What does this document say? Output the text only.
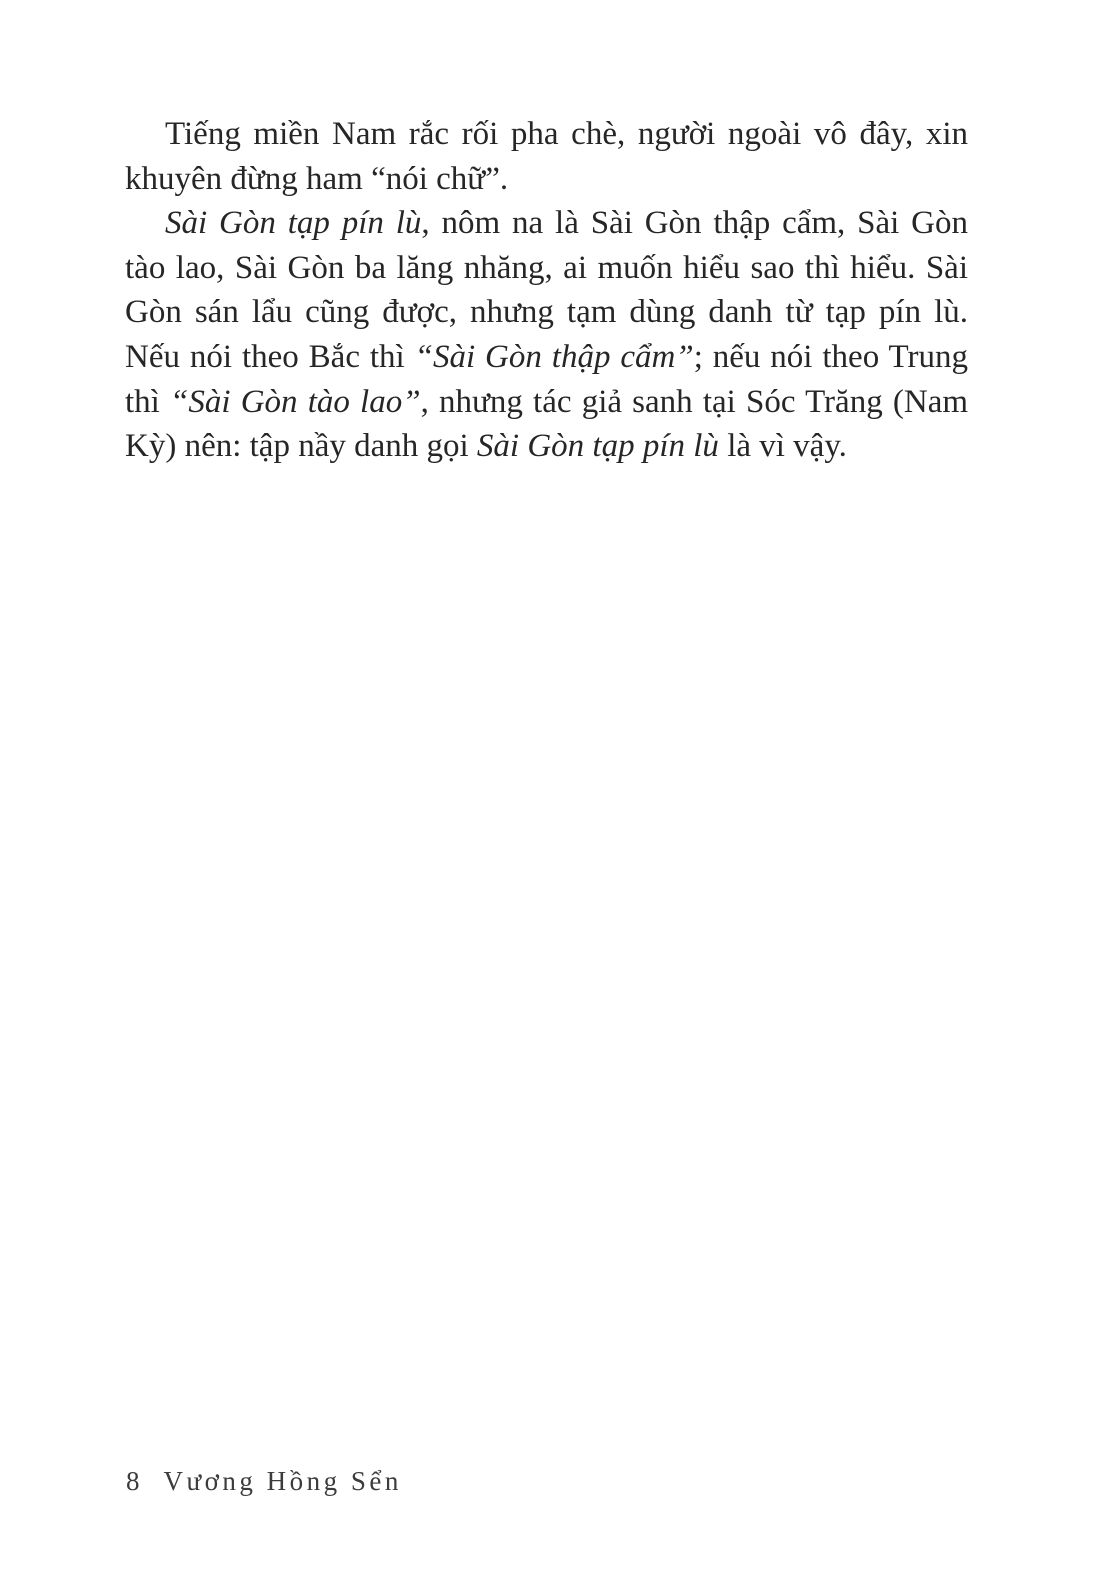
Tiếng miền Nam rắc rối pha chè, người ngoài vô đây, xin khuyên đừng ham “nói chữ”.

Sài Gòn tạp pín lù, nôm na là Sài Gòn thập cẩm, Sài Gòn tào lao, Sài Gòn ba lăng nhăng, ai muốn hiểu sao thì hiểu. Sài Gòn sán lẩu cũng được, nhưng tạm dùng danh từ tạp pín lù. Nếu nói theo Bắc thì “Sài Gòn thập cẩm”; nếu nói theo Trung thì “Sài Gòn tào lao”, nhưng tác giả sanh tại Sóc Trăng (Nam Kỳ) nên: tập nầy danh gọi Sài Gòn tạp pín lù là vì vậy.

8 Vương Hồng Sển
